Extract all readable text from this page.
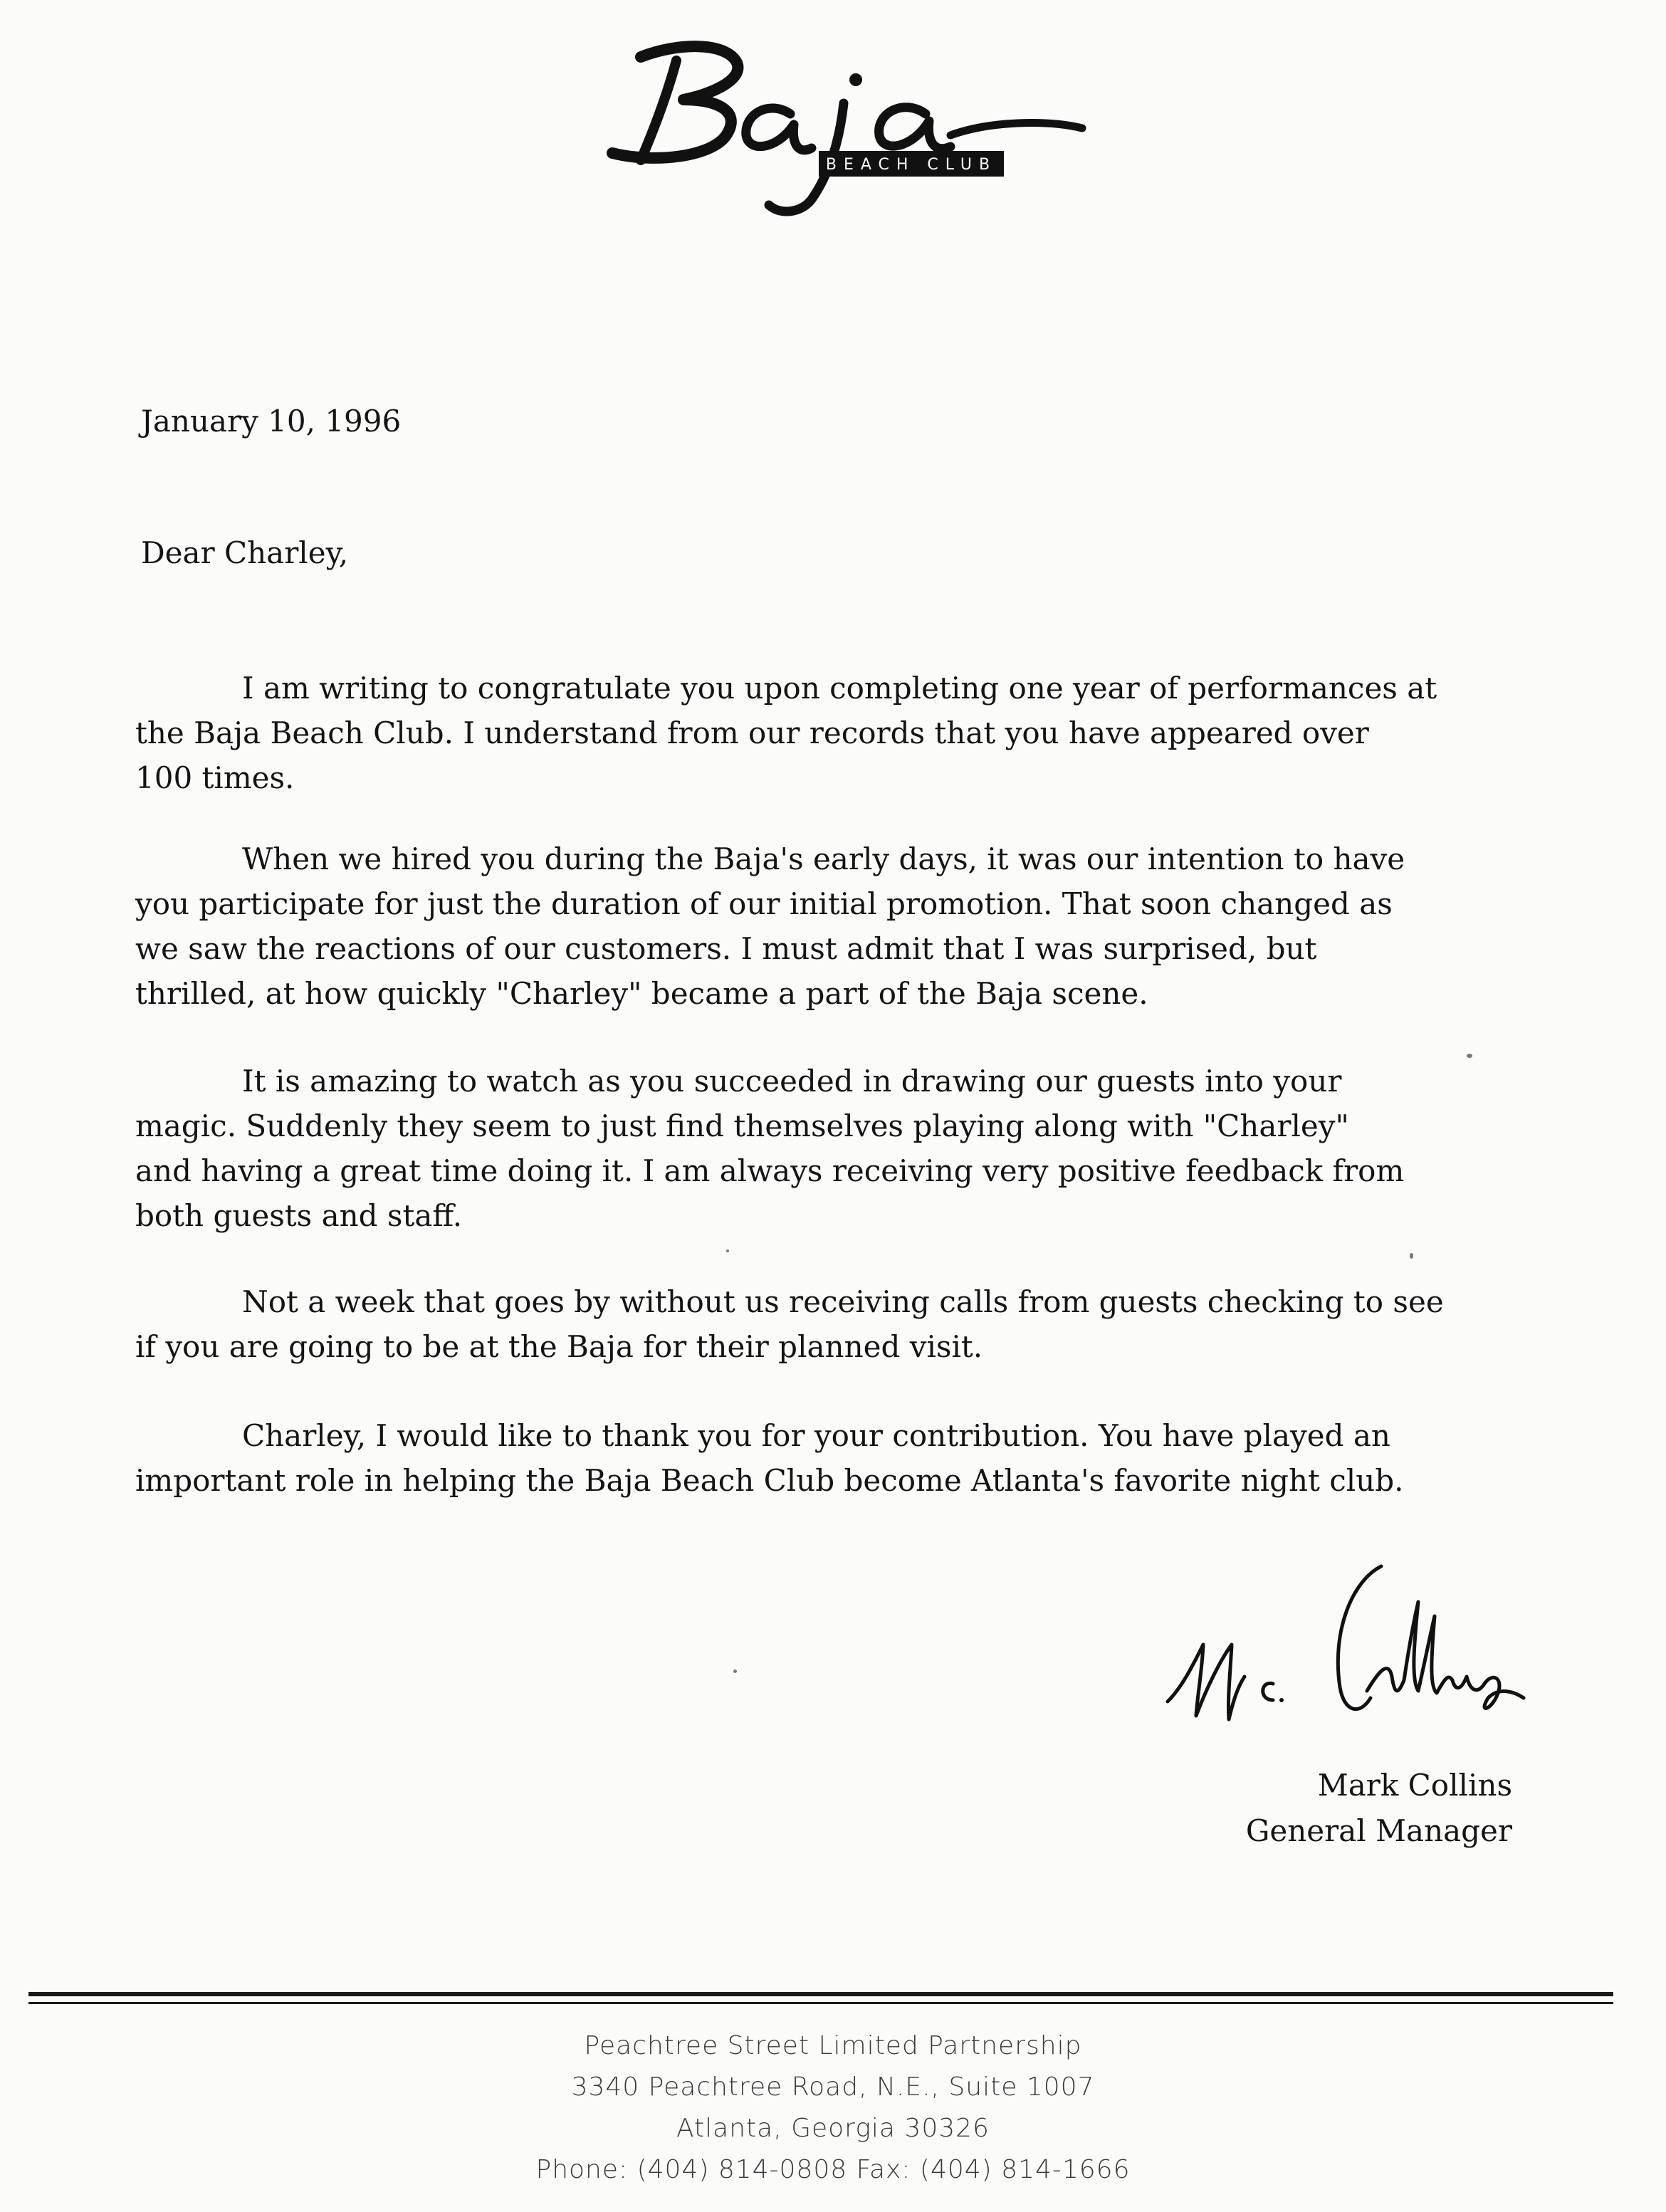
BEACH CLUB
January 10, 1996
Dear Charley,
I am writing to congratulate you upon completing one year of performances at
the Baja Beach Club. I understand from our records that you have appeared over
100 times.
When we hired you during the Baja's early days, it was our intention to have
you participate for just the duration of our initial promotion. That soon changed as
we saw the reactions of our customers. I must admit that I was surprised, but
thrilled, at how quickly "Charley" became a part of the Baja scene.
It is amazing to watch as you succeeded in drawing our guests into your
magic. Suddenly they seem to just find themselves playing along with "Charley"
and having a great time doing it. I am always receiving very positive feedback from
both guests and staff.
Not a week that goes by without us receiving calls from guests checking to see
if you are going to be at the Baja for their planned visit.
Charley, I would like to thank you for your contribution. You have played an
important role in helping the Baja Beach Club become Atlanta's favorite night club.
Mark Collins
General Manager
Peachtree Street Limited Partnership
3340 Peachtree Road, N.E., Suite 1007
Atlanta, Georgia 30326
Phone: (404) 814-0808 Fax: (404) 814-1666
